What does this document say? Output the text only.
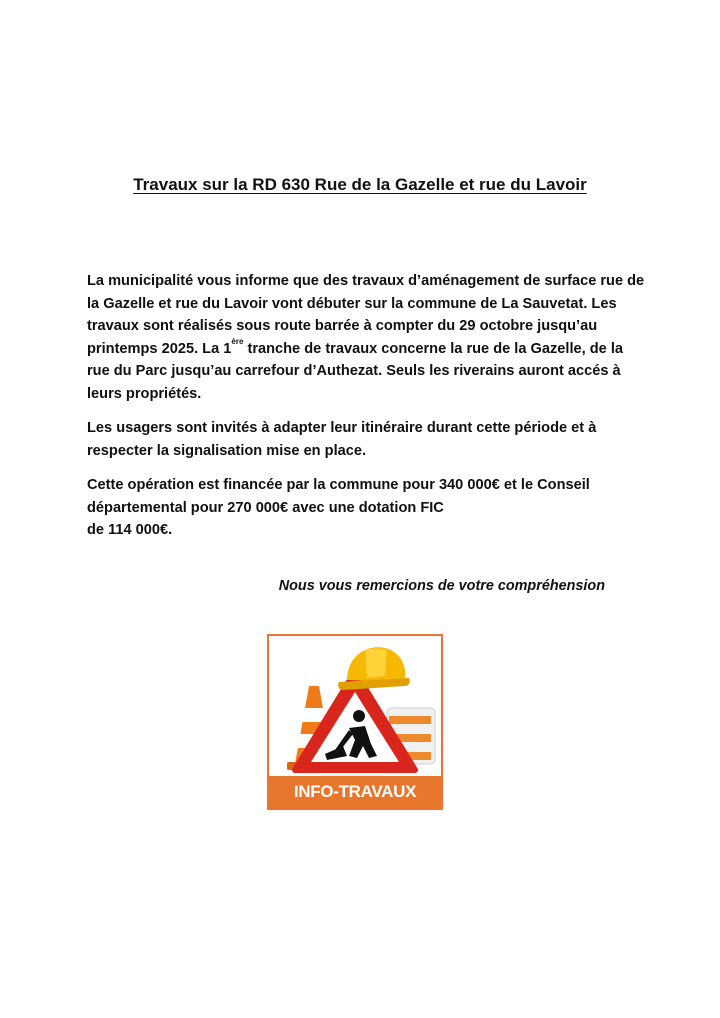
Travaux sur la RD 630 Rue de la Gazelle et rue du Lavoir

La municipalité vous informe que des travaux d’aménagement de surface rue de la Gazelle et rue du Lavoir vont débuter sur la commune de La Sauvetat. Les travaux sont réalisés sous route barrée à compter du 29 octobre jusqu’au printemps 2025. La 1ère tranche de travaux concerne la rue de la Gazelle, de la rue du Parc jusqu’au carrefour d’Authezat. Seuls les riverains auront accés à leurs propriétés.

Les usagers sont invités à adapter leur itinéraire durant cette période et à respecter la signalisation mise en place.

Cette opération est financée par la commune pour 340 000€ et le Conseil départemental pour 270 000€ avec une dotation FIC
de 114 000€.

Nous vous remercions de votre compréhension

INFO-TRAVAUX
